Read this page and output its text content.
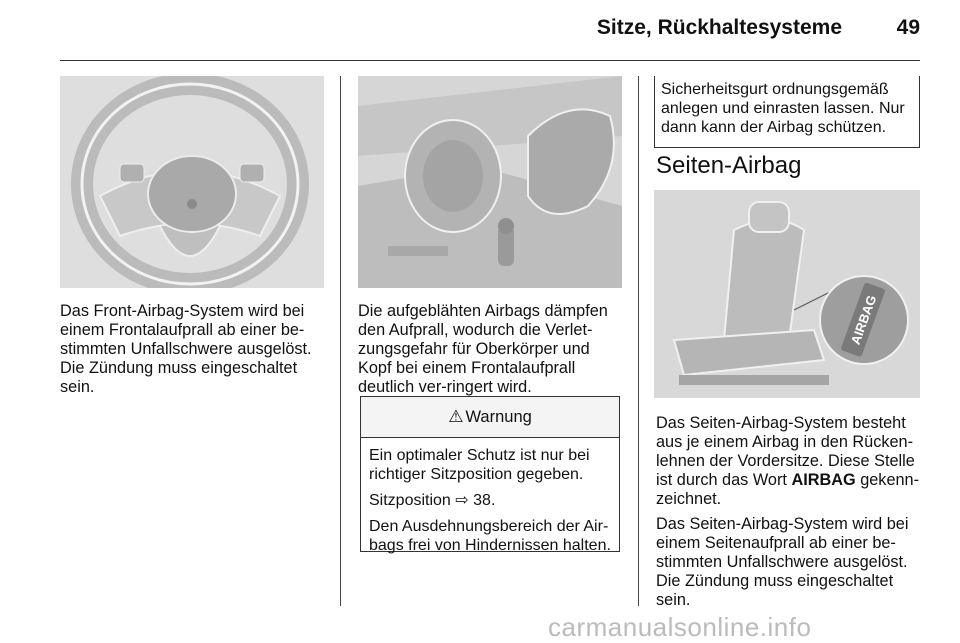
Sitze, Rückhaltesysteme	49
Das Front-Airbag-System wird bei einem Frontalaufprall ab einer be-stimmten Unfallschwere ausgelöst. Die Zündung muss eingeschaltet sein.
Die aufgeblähten Airbags dämpfen den Aufprall, wodurch die Verlet-zungsgefahr für Oberkörper und Kopf bei einem Frontalaufprall deutlich ver-ringert wird.
⚠ Warnung

Ein optimaler Schutz ist nur bei richtiger Sitzposition gegeben.

Sitzposition ⇨ 38.

Den Ausdehnungsbereich der Air-bags frei von Hindernissen halten.

Sicherheitsgurt ordnungsgemäß anlegen und einrasten lassen. Nur dann kann der Airbag schützen.
Seiten-Airbag
AIRBAG

Das Seiten-Airbag-System besteht aus je einem Airbag in den Rücken-lehnen der Vordersitze. Diese Stelle ist durch das Wort AIRBAG gekenn-zeichnet.

Das Seiten-Airbag-System wird bei einem Seitenaufprall ab einer be-stimmten Unfallschwere ausgelöst. Die Zündung muss eingeschaltet sein.

carmanualsonline.info
